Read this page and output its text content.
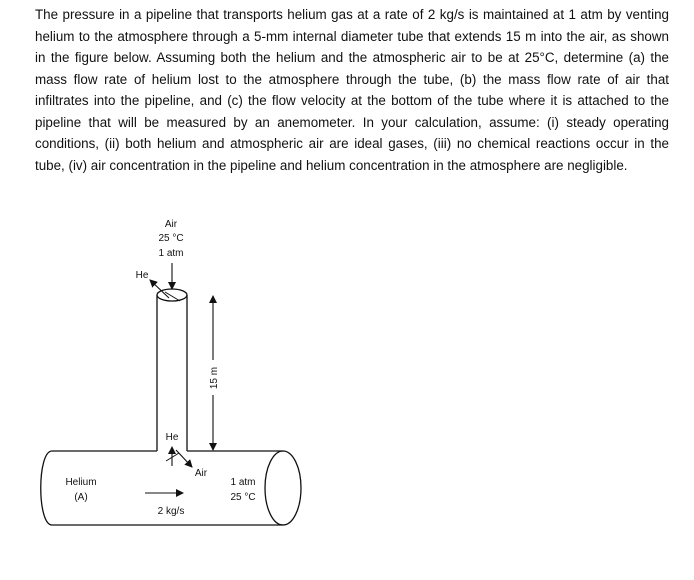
The pressure in a pipeline that transports helium gas at a rate of 2 kg/s is maintained at 1 atm by venting helium to the atmosphere through a 5-mm internal diameter tube that extends 15 m into the air, as shown in the figure below. Assuming both the helium and the atmospheric air to be at 25°C, determine (a) the mass flow rate of helium lost to the atmosphere through the tube, (b) the mass flow rate of air that infiltrates into the pipeline, and (c) the flow velocity at the bottom of the tube where it is attached to the pipeline that will be measured by an anemometer. In your calculation, assume: (i) steady operating conditions, (ii) both helium and atmospheric air are ideal gases, (iii) no chemical reactions occur in the tube, (iv) air concentration in the pipeline and helium concentration in the atmosphere are negligible.

Air
25 °C
1 atm
He
15 m
He
Air
Helium
(A)
2 kg/s
1 atm
25 °C
